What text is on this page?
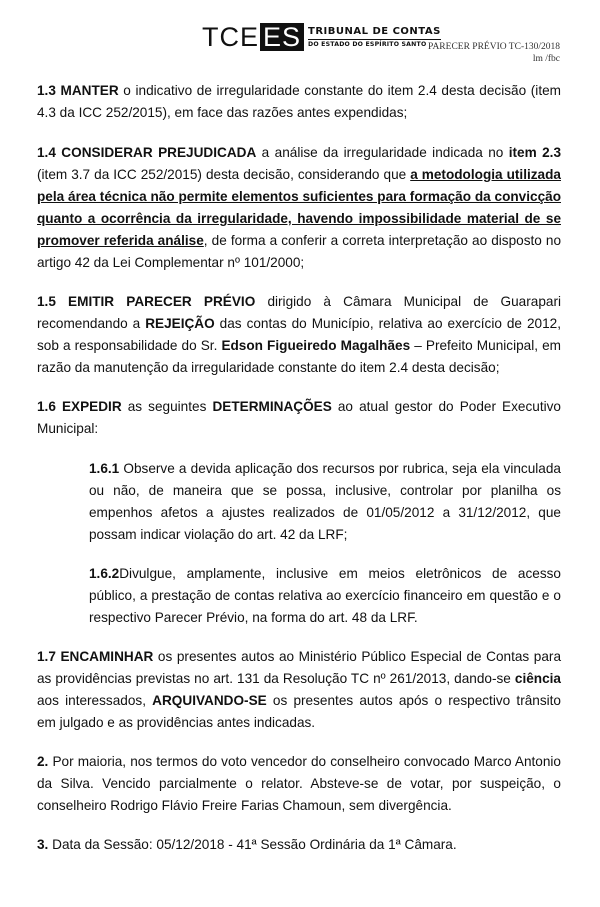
TCE ES TRIBUNAL DE CONTAS
DO ESTADO DO ESPÍRITO SANTO PARECER PRÉVIO TC-130/2018
lm /fbc

1.3 MANTER o indicativo de irregularidade constante do item 2.4 desta decisão (item 4.3 da ICC 252/2015), em face das razões antes expendidas;

1.4 CONSIDERAR PREJUDICADA a análise da irregularidade indicada no item 2.3 (item 3.7 da ICC 252/2015) desta decisão, considerando que a metodologia utilizada pela área técnica não permite elementos suficientes para formação da convicção quanto a ocorrência da irregularidade, havendo impossibilidade material de se promover referida análise, de forma a conferir a correta interpretação ao disposto no artigo 42 da Lei Complementar nº 101/2000;

1.5 EMITIR PARECER PRÉVIO dirigido à Câmara Municipal de Guarapari recomendando a REJEIÇÃO das contas do Município, relativa ao exercício de 2012, sob a responsabilidade do Sr. Edson Figueiredo Magalhães – Prefeito Municipal, em razão da manutenção da irregularidade constante do item 2.4 desta decisão;

1.6 EXPEDIR as seguintes DETERMINAÇÕES ao atual gestor do Poder Executivo Municipal:

1.6.1 Observe a devida aplicação dos recursos por rubrica, seja ela vinculada ou não, de maneira que se possa, inclusive, controlar por planilha os empenhos afetos a ajustes realizados de 01/05/2012 a 31/12/2012, que possam indicar violação do art. 42 da LRF;

1.6.2Divulgue, amplamente, inclusive em meios eletrônicos de acesso público, a prestação de contas relativa ao exercício financeiro em questão e o respectivo Parecer Prévio, na forma do art. 48 da LRF.

1.7 ENCAMINHAR os presentes autos ao Ministério Público Especial de Contas para as providências previstas no art. 131 da Resolução TC nº 261/2013, dando-se ciência aos interessados, ARQUIVANDO-SE os presentes autos após o respectivo trânsito em julgado e as providências antes indicadas.

2. Por maioria, nos termos do voto vencedor do conselheiro convocado Marco Antonio da Silva. Vencido parcialmente o relator. Absteve-se de votar, por suspeição, o conselheiro Rodrigo Flávio Freire Farias Chamoun, sem divergência.

3. Data da Sessão: 05/12/2018 - 41ª Sessão Ordinária da 1ª Câmara.
